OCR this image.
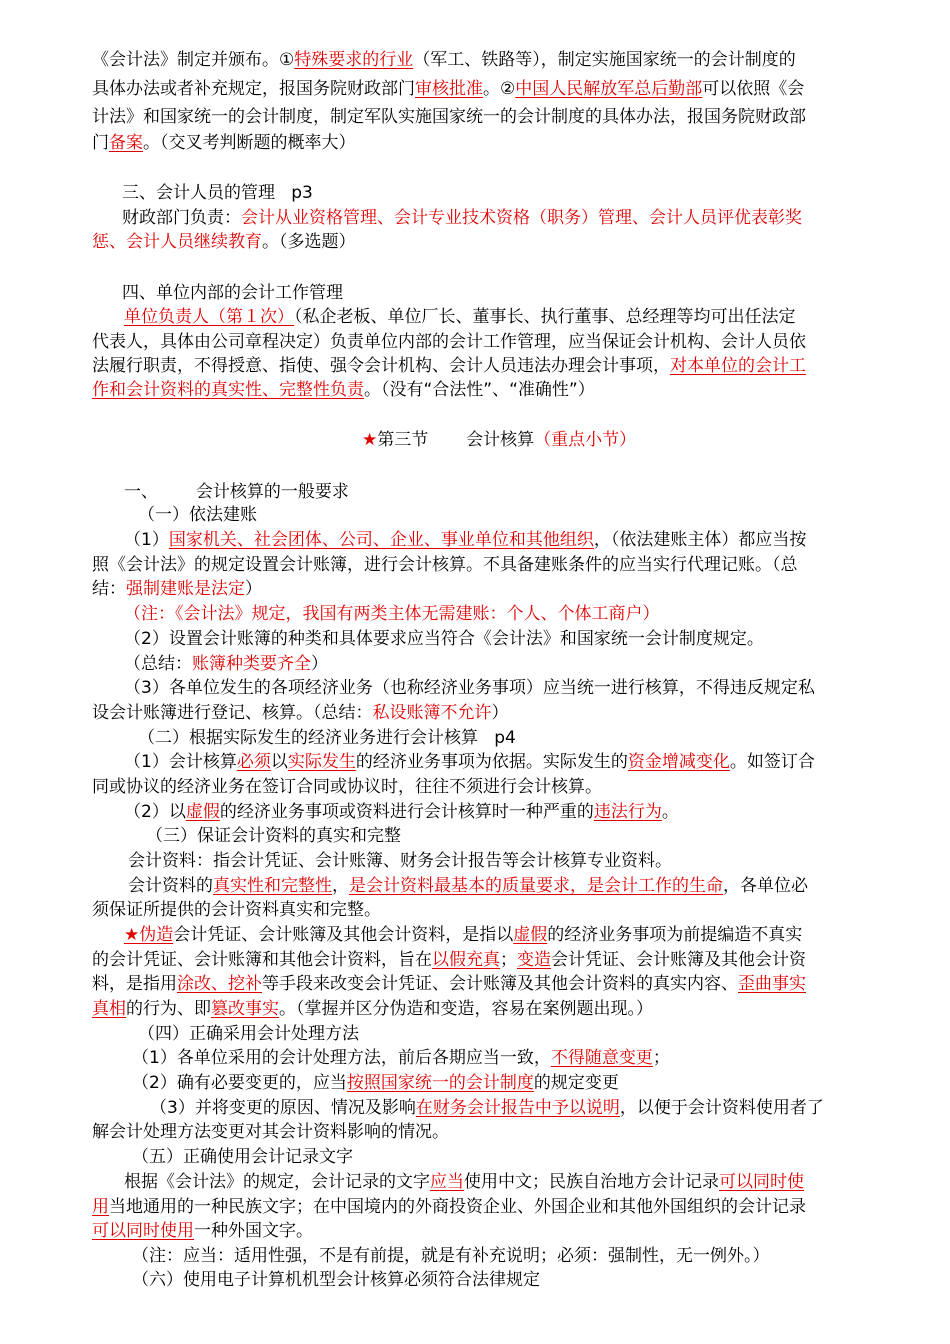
《会计法》制定并颁布。①特殊要求的行业（军工、铁路等），制定实施国家统一的会计制度的
具体办法或者补充规定，报国务院财政部门审核批准。②中国人民解放军总后勤部可以依照《会
计法》和国家统一的会计制度，制定军队实施国家统一的会计制度的具体办法，报国务院财政部
门备案。（交叉考判断题的概率大）
三、会计人员的管理   p3
财政部门负责：会计从业资格管理、会计专业技术资格（职务）管理、会计人员评优表彰奖
惩、会计人员继续教育。（多选题）
四、单位内部的会计工作管理
单位负责人（第１次）（私企老板、单位厂长、董事长、执行董事、总经理等均可出任法定
代表人，具体由公司章程决定）负责单位内部的会计工作管理，应当保证会计机构、会计人员依
法履行职责，不得授意、指使、强令会计机构、会计人员违法办理会计事项，对本单位的会计工
作和会计资料的真实性、完整性负责。（没有“合法性”、“准确性”）
★第三节       会计核算（重点小节）
一、       会计核算的一般要求
（一）依法建账
（1）国家机关、社会团体、公司、企业、事业单位和其他组织，（依法建账主体）都应当按
照《会计法》的规定设置会计账簿，进行会计核算。不具备建账条件的应当实行代理记账。（总
结：强制建账是法定）
（注：《会计法》规定，我国有两类主体无需建账：个人、个体工商户）
（2）设置会计账簿的种类和具体要求应当符合《会计法》和国家统一会计制度规定。
（总结：账簿种类要齐全）
（3）各单位发生的各项经济业务（也称经济业务事项）应当统一进行核算，不得违反规定私
设会计账簿进行登记、核算。（总结：私设账簿不允许）
（二）根据实际发生的经济业务进行会计核算   p4
（1）会计核算必须以实际发生的经济业务事项为依据。实际发生的资金增减变化。如签订合
同或协议的经济业务在签订合同或协议时，往往不须进行会计核算。
（2）以虚假的经济业务事项或资料进行会计核算时一种严重的违法行为。
（三）保证会计资料的真实和完整
会计资料：指会计凭证、会计账簿、财务会计报告等会计核算专业资料。
会计资料的真实性和完整性，是会计资料最基本的质量要求，是会计工作的生命，各单位必
须保证所提供的会计资料真实和完整。
★伪造会计凭证、会计账簿及其他会计资料，是指以虚假的经济业务事项为前提编造不真实
的会计凭证、会计账簿和其他会计资料，旨在以假充真；变造会计凭证、会计账簿及其他会计资
料，是指用涂改、挖补等手段来改变会计凭证、会计账簿及其他会计资料的真实内容、歪曲事实
真相的行为、即篡改事实。（掌握并区分伪造和变造，容易在案例题出现。）
（四）正确采用会计处理方法
（1）各单位采用的会计处理方法，前后各期应当一致，不得随意变更；
（2）确有必要变更的，应当按照国家统一的会计制度的规定变更
（3）并将变更的原因、情况及影响在财务会计报告中予以说明，以便于会计资料使用者了
解会计处理方法变更对其会计资料影响的情况。
（五）正确使用会计记录文字
根据《会计法》的规定，会计记录的文字应当使用中文；民族自治地方会计记录可以同时使
用当地通用的一种民族文字；在中国境内的外商投资企业、外国企业和其他外国组织的会计记录
可以同时使用一种外国文字。
（注：应当：适用性强，不是有前提，就是有补充说明；必须：强制性，无一例外。）
（六）使用电子计算机机型会计核算必须符合法律规定
